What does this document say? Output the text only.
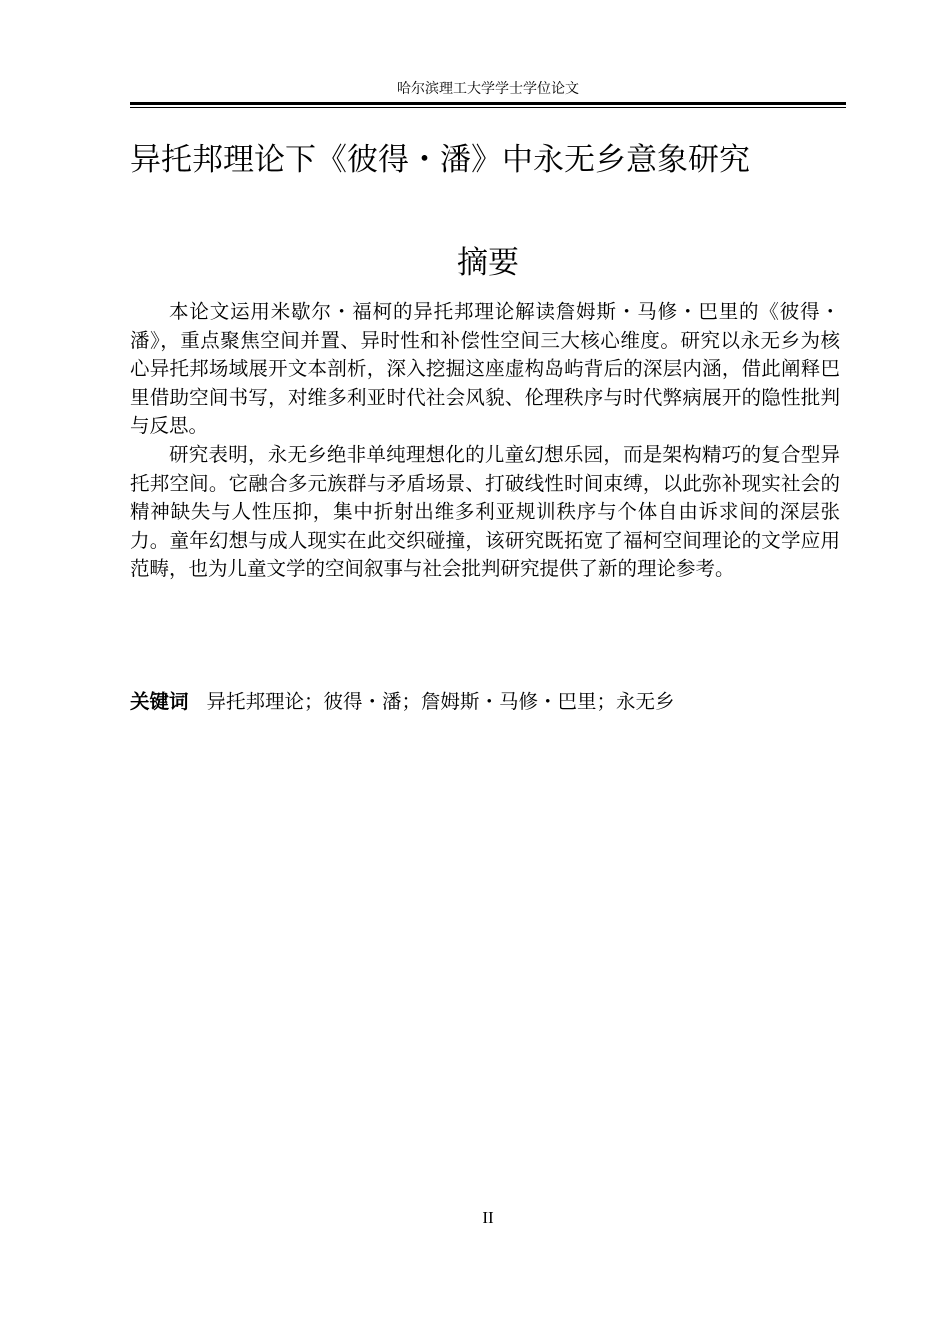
哈尔滨理工大学学士学位论文
异托邦理论下《彼得・潘》中永无乡意象研究
摘要

本论文运用米歇尔・福柯的异托邦理论解读詹姆斯・马修・巴里的《彼得・潘》，重点聚焦空间并置、异时性和补偿性空间三大核心维度。研究以永无乡为核心异托邦场域展开文本剖析，深入挖掘这座虚构岛屿背后的深层内涵，借此阐释巴里借助空间书写，对维多利亚时代社会风貌、伦理秩序与时代弊病展开的隐性批判与反思。

研究表明，永无乡绝非单纯理想化的儿童幻想乐园，而是架构精巧的复合型异托邦空间。它融合多元族群与矛盾场景、打破线性时间束缚，以此弥补现实社会的精神缺失与人性压抑，集中折射出维多利亚规训秩序与个体自由诉求间的深层张力。童年幻想与成人现实在此交织碰撞，该研究既拓宽了福柯空间理论的文学应用范畴，也为儿童文学的空间叙事与社会批判研究提供了新的理论参考。

关键词 异托邦理论；彼得・潘；詹姆斯・马修・巴里；永无乡
II
